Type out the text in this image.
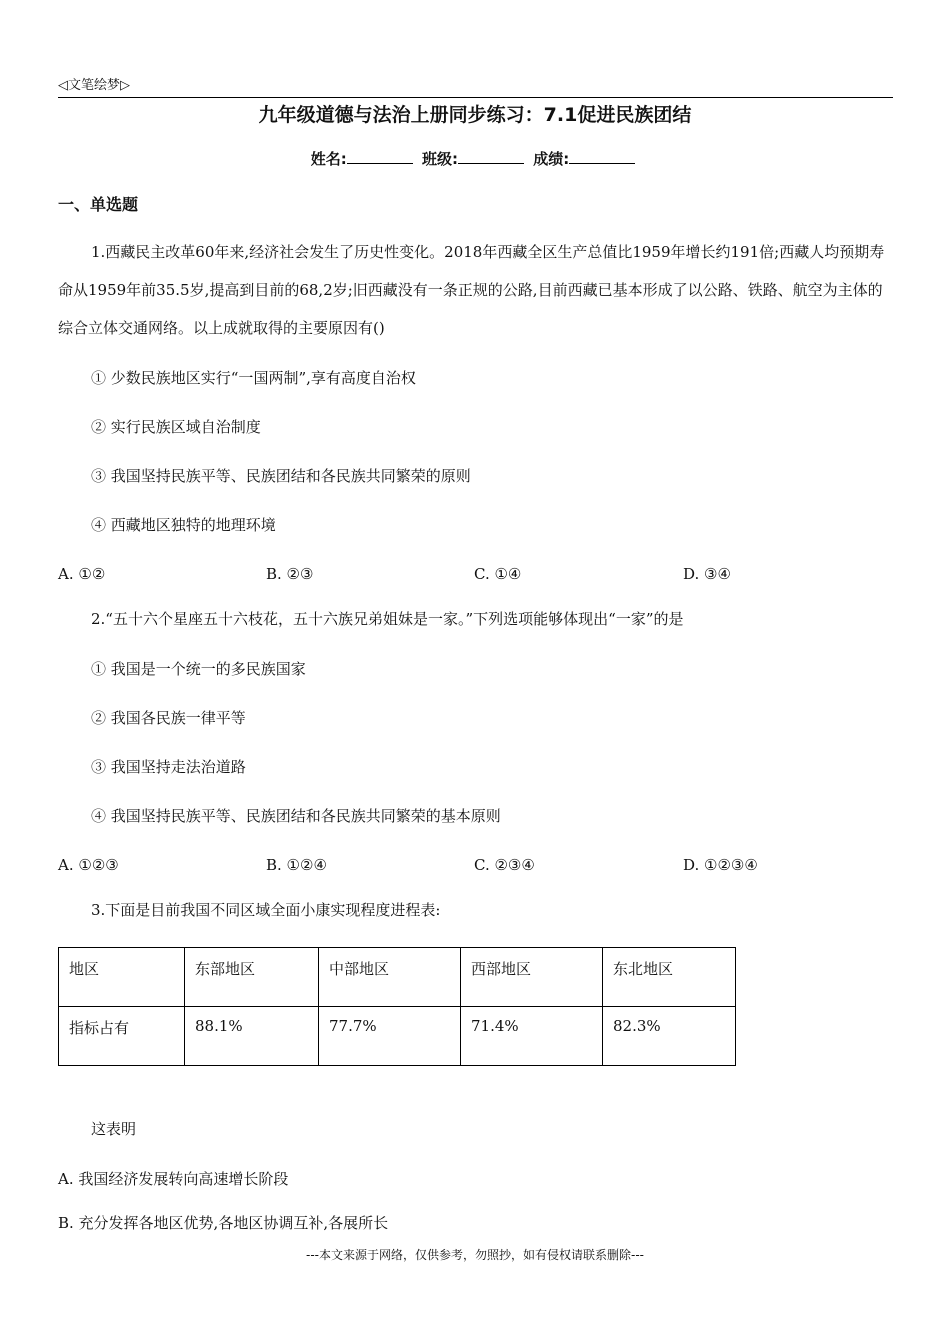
◁文笔绘梦▷
九年级道德与法治上册同步练习：7.1促进民族团结
姓名:	班级:	成绩:
一、单选题
1.西藏民主改革60年来,经济社会发生了历史性变化。2018年西藏全区生产总值比1959年增长约191倍;西藏人均预期寿命从1959年前35.5岁,提高到目前的68,2岁;旧西藏没有一条正规的公路,目前西藏已基本形成了以公路、铁路、航空为主体的综合立体交通网络。以上成就取得的主要原因有()
① 少数民族地区实行“一国两制”,享有高度自治权
② 实行民族区域自治制度
③ 我国坚持民族平等、民族团结和各民族共同繁荣的原则
④ 西藏地区独特的地理环境
A. ①②	B. ②③	C. ①④	D. ③④
2.“五十六个星座五十六枝花，五十六族兄弟姐妹是一家。”下列选项能够体现出“一家”的是
① 我国是一个统一的多民族国家
② 我国各民族一律平等
③ 我国坚持走法治道路
④ 我国坚持民族平等、民族团结和各民族共同繁荣的基本原则
A. ①②③	B. ①②④	C. ②③④	D. ①②③④
3.下面是目前我国不同区域全面小康实现程度进程表:
地区	东部地区	中部地区	西部地区	东北地区
指标占有	88.1%	77.7%	71.4%	82.3%
这表明
A. 我国经济发展转向高速增长阶段
B. 充分发挥各地区优势,各地区协调互补,各展所长
---本文来源于网络，仅供参考，勿照抄，如有侵权请联系删除---
